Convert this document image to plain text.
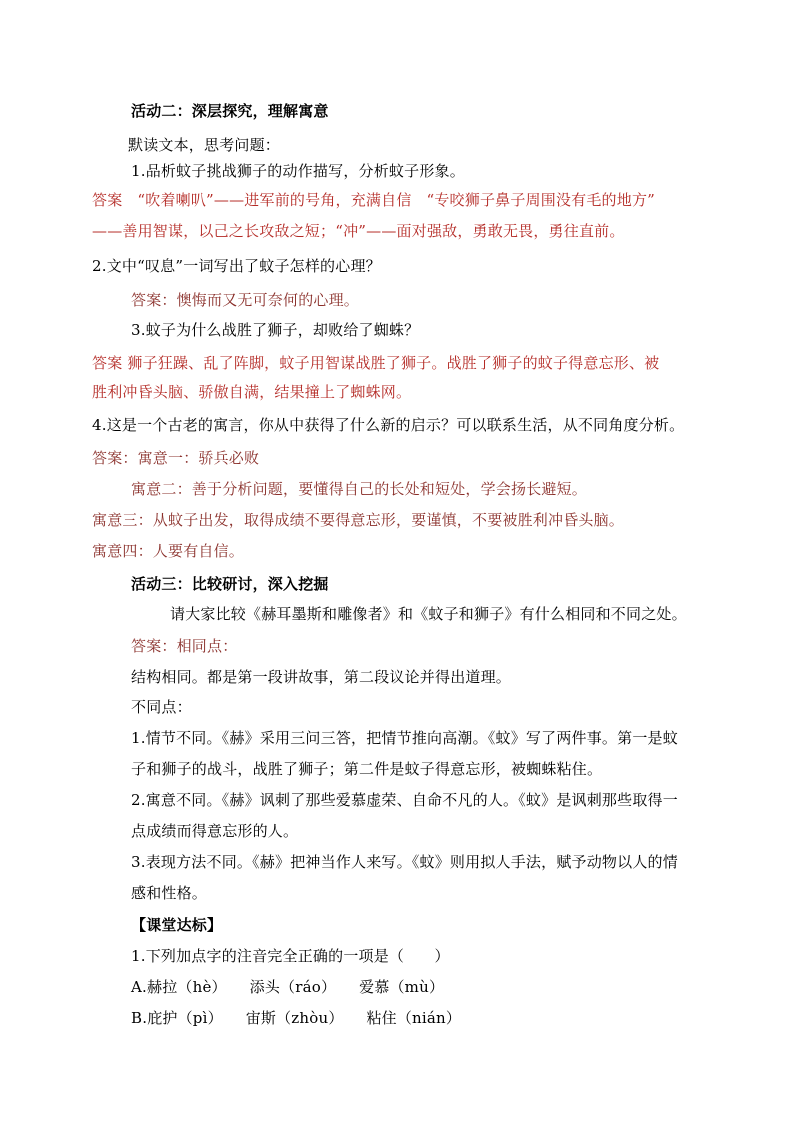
活动二：深层探究，理解寓意
默读文本，思考问题：
1.品析蚊子挑战狮子的动作描写，分析蚊子形象。
答案 “吹着喇叭”——进军前的号角，充满自信 “专咬狮子鼻子周围没有毛的地方”
——善用智谋，以己之长攻敌之短；“冲”——面对强敌，勇敢无畏，勇往直前。
2.文中“叹息”一词写出了蚊子怎样的心理？
答案：懊悔而又无可奈何的心理。
3.蚊子为什么战胜了狮子，却败给了蜘蛛？
答案 狮子狂躁、乱了阵脚，蚊子用智谋战胜了狮子。战胜了狮子的蚊子得意忘形、被
胜利冲昏头脑、骄傲自满，结果撞上了蜘蛛网。
4.这是一个古老的寓言，你从中获得了什么新的启示？可以联系生活，从不同角度分析。
答案：寓意一：骄兵必败
寓意二：善于分析问题，要懂得自己的长处和短处，学会扬长避短。
寓意三：从蚊子出发，取得成绩不要得意忘形，要谨慎，不要被胜利冲昏头脑。
寓意四：人要有自信。
活动三：比较研讨，深入挖掘
请大家比较《赫耳墨斯和雕像者》和《蚊子和狮子》有什么相同和不同之处。
答案：相同点：
结构相同。都是第一段讲故事，第二段议论并得出道理。
不同点：
1.情节不同。《赫》采用三问三答，把情节推向高潮。《蚊》写了两件事。第一是蚊
子和狮子的战斗，战胜了狮子；第二件是蚊子得意忘形，被蜘蛛粘住。
2.寓意不同。《赫》讽刺了那些爱慕虚荣、自命不凡的人。《蚊》是讽刺那些取得一
点成绩而得意忘形的人。
3.表现方法不同。《赫》把神当作人来写。《蚊》则用拟人手法，赋予动物以人的情
感和性格。
【课堂达标】
1.下列加点字的注音完全正确的一项是（　　）
A.赫拉（hè）　　添头（ráo）　　爱慕（mù）
B.庇护（pì）　　宙斯（zhòu）　　粘住（nián）
